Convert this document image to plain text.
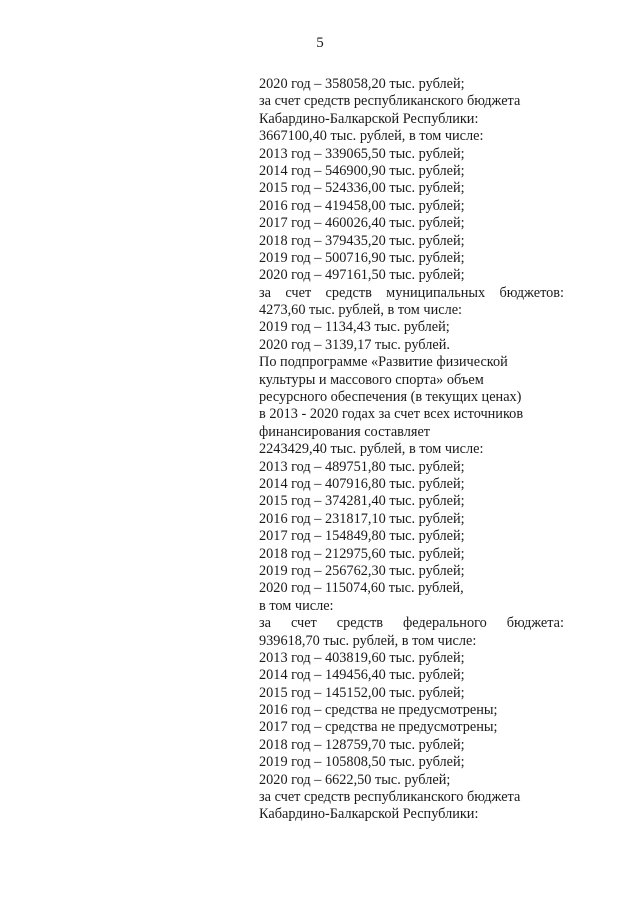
5
2020 год – 358058,20 тыс. рублей;
за счет средств республиканского бюджета
Кабардино-Балкарской Республики:
3667100,40 тыс. рублей, в том числе:
2013 год – 339065,50 тыс. рублей;
2014 год – 546900,90 тыс. рублей;
2015 год – 524336,00 тыс. рублей;
2016 год – 419458,00 тыс. рублей;
2017 год – 460026,40 тыс. рублей;
2018 год – 379435,20 тыс. рублей;
2019 год – 500716,90 тыс. рублей;
2020 год – 497161,50 тыс. рублей;
за счет средств муниципальных бюджетов:
4273,60 тыс. рублей, в том числе:
2019 год – 1134,43 тыс. рублей;
2020 год – 3139,17 тыс. рублей.
По подпрограмме «Развитие физической
культуры и массового спорта» объем
ресурсного обеспечения (в текущих ценах)
в 2013 - 2020 годах за счет всех источников
финансирования составляет
2243429,40 тыс. рублей, в том числе:
2013 год – 489751,80 тыс. рублей;
2014 год – 407916,80 тыс. рублей;
2015 год – 374281,40 тыс. рублей;
2016 год – 231817,10 тыс. рублей;
2017 год – 154849,80 тыс. рублей;
2018 год – 212975,60 тыс. рублей;
2019 год – 256762,30 тыс. рублей;
2020 год – 115074,60 тыс. рублей,
в том числе:
за счет средств федерального бюджета:
939618,70 тыс. рублей, в том числе:
2013 год – 403819,60 тыс. рублей;
2014 год – 149456,40 тыс. рублей;
2015 год – 145152,00 тыс. рублей;
2016 год – средства не предусмотрены;
2017 год – средства не предусмотрены;
2018 год – 128759,70 тыс. рублей;
2019 год – 105808,50 тыс. рублей;
2020 год – 6622,50 тыс. рублей;
за счет средств республиканского бюджета
Кабардино-Балкарской Республики:
